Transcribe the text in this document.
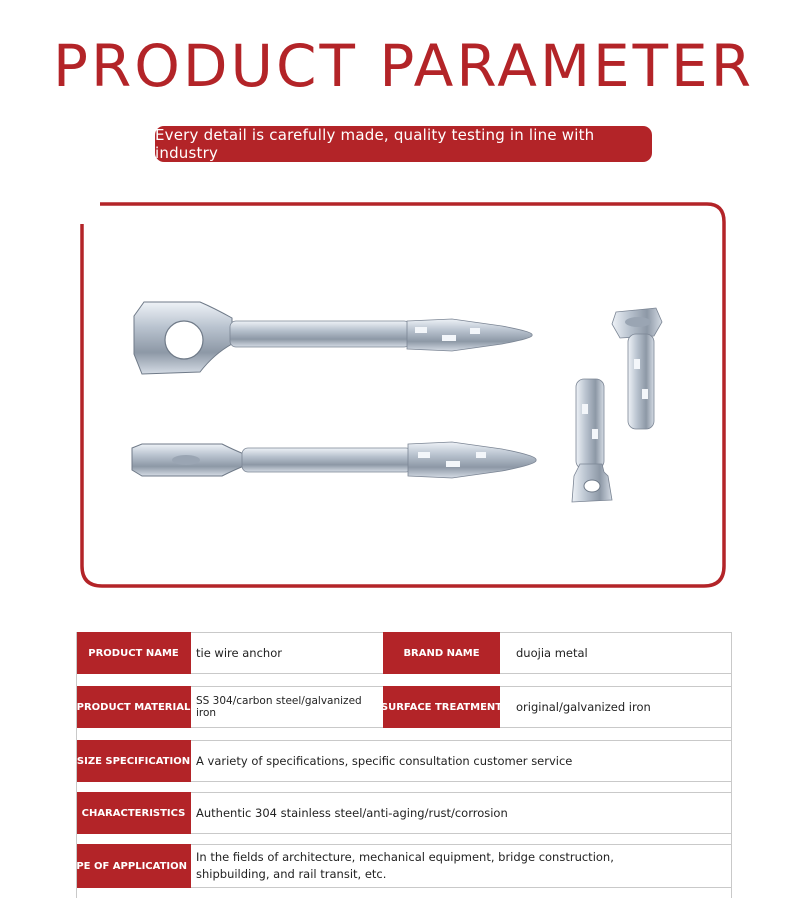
PRODUCT PARAMETER
Every detail is carefully made, quality testing in line with industry
PRODUCT NAME	tie wire anchor	BRAND NAME	duojia metal
PRODUCT MATERIAL SS 304/carbon steel/galvanized iron	SURFACE TREATMENT	original/galvanized iron
SIZE SPECIFICATION A variety of specifications, specific consultation customer service
CHARACTERISTICS Authentic 304 stainless steel/anti-aging/rust/corrosion
SCOPE OF APPLICATION
In the fields of architecture, mechanical equipment, bridge construction,
shipbuilding, and rail transit, etc.
